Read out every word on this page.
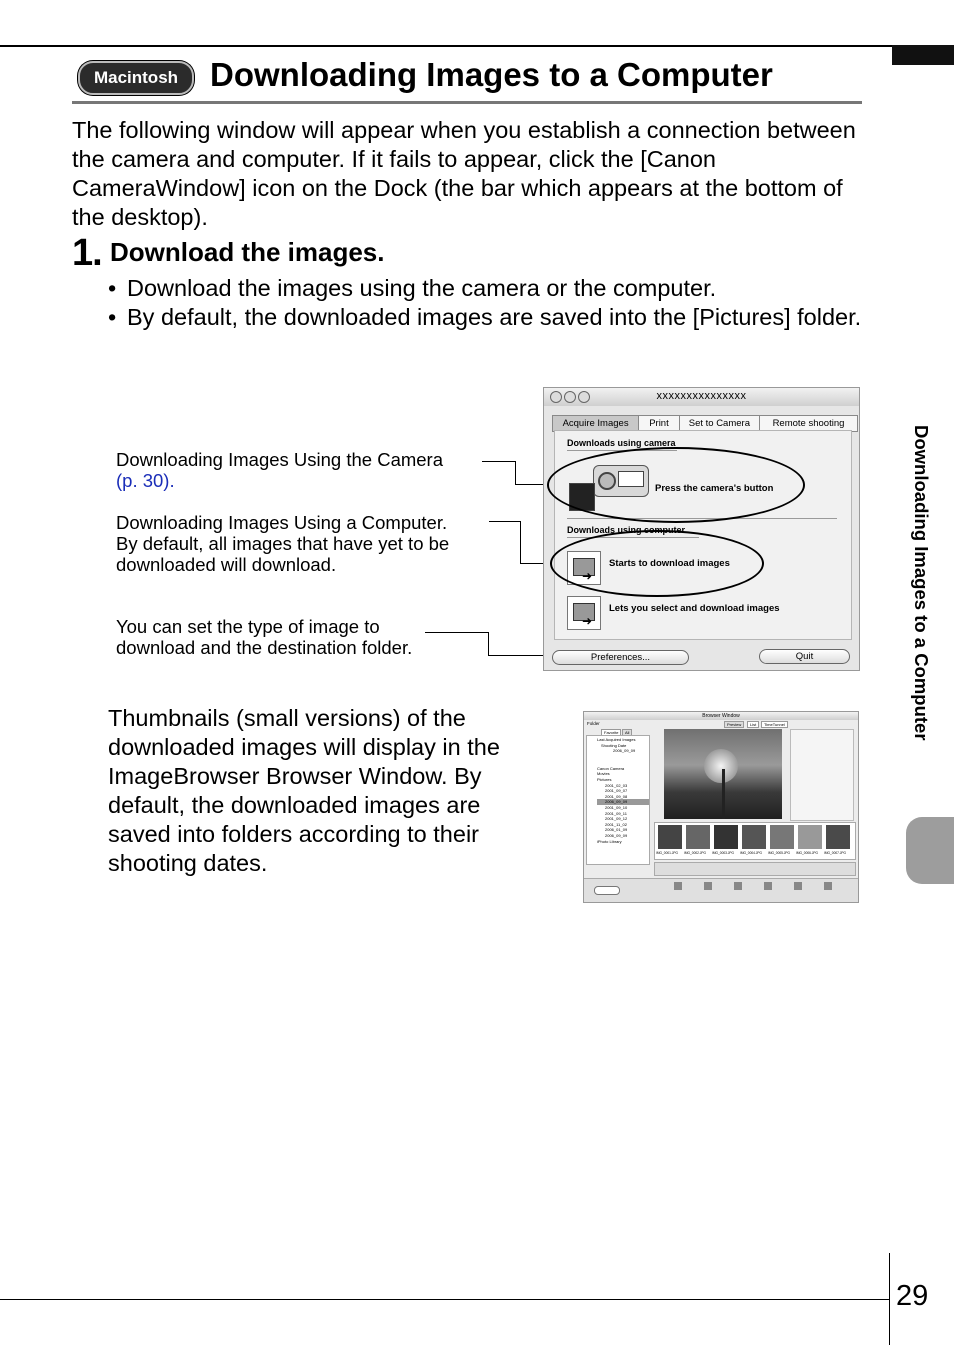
Macintosh Downloading Images to a Computer
The following window will appear when you establish a connection between the camera and computer. If it fails to appear, click the [Canon CameraWindow] icon on the Dock (the bar which appears at the bottom of the desktop).
1. Download the images.
• Download the images using the camera or the computer.
• By default, the downloaded images are saved into the [Pictures] folder.
Downloading Images Using the Camera
(p. 30).
Downloading Images Using a Computer.
By default, all images that have yet to be
downloaded will download.
You can set the type of image to
download and the destination folder.
xxxxxxxxxxxxxxx
Acquire Images	Print	Set to Camera	Remote shooting
Downloads using camera
Press the camera's button
Downloads using computer
➜
Starts to download images
➜
Lets you select and download images
Preferences...	Quit
Thumbnails (small versions) of the downloaded images will display in the ImageBrowser Browser Window. By default, the downloaded images are saved into folders according to their shooting dates.
Browser Window
Folder
Favorite	All
Last Acquired Images
Shooting Date
2006_09_09
Canon Camera
Movies
Pictures
2001_02_03
2001_09_07
2001_09_08
2006_09_09
2001_09_10
2001_09_11
2001_09_12
2001_11_02
2006_01_09
2006_09_09
iPhoto Library
Preview	List	TimeTunnel
IMG_0001.JPG	IMG_0002.JPG	IMG_0003.JPG	IMG_0004.JPG	IMG_0005.JPG	IMG_0006.JPG	IMG_0007.JPG
Downloading Images to a Computer
29
